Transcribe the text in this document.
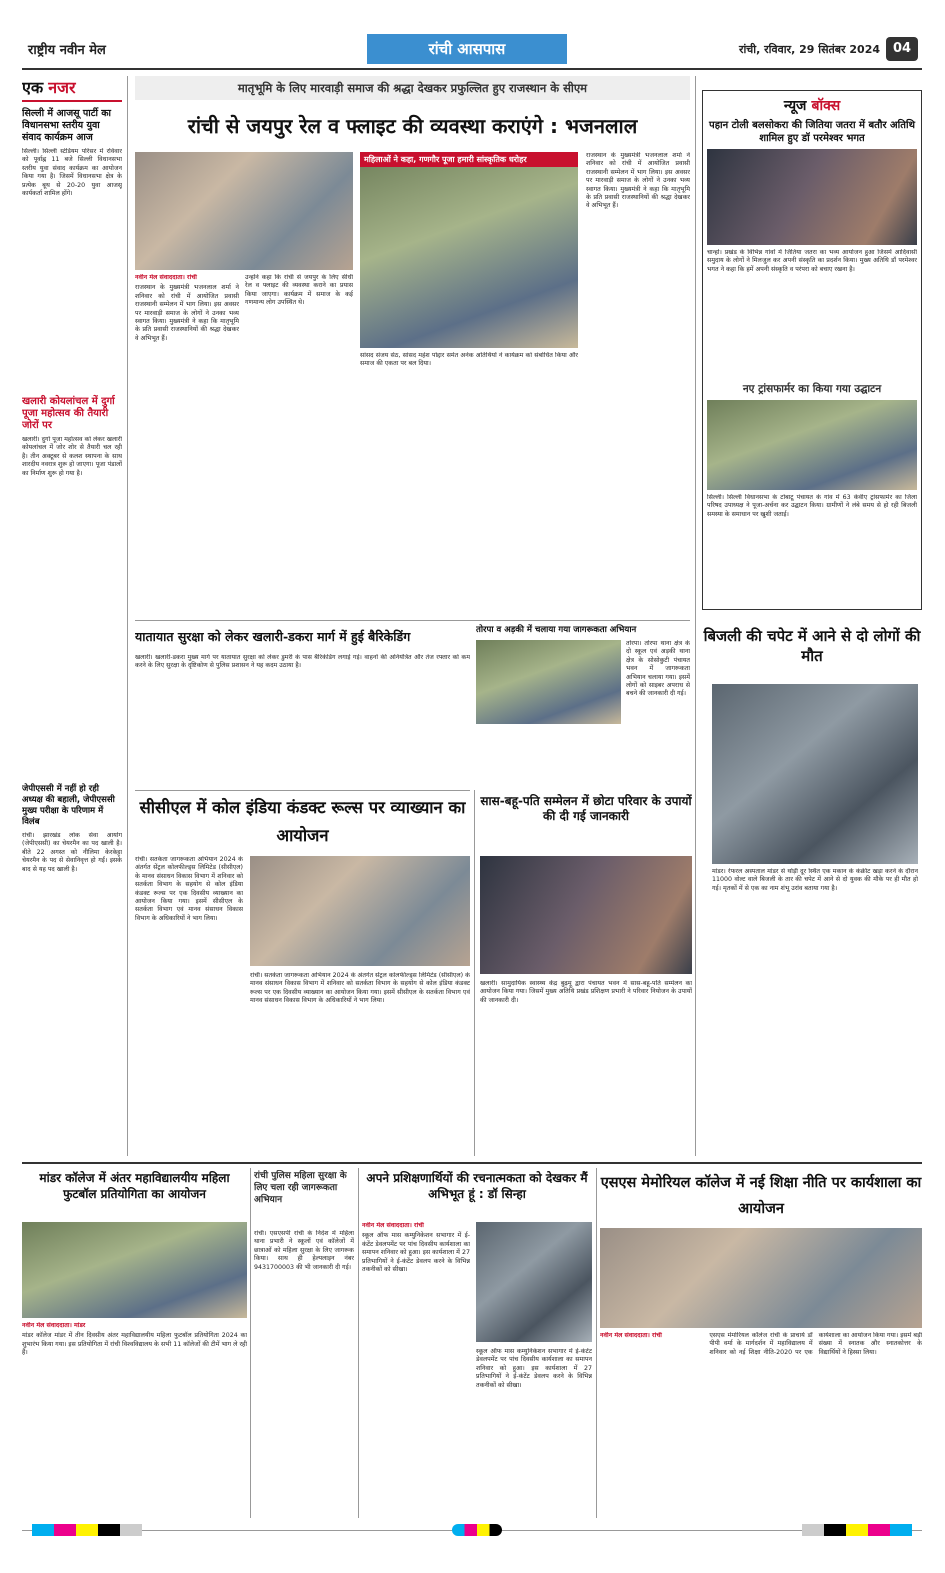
राष्ट्रीय नवीन मेल	रांची आसपास	रांची, रविवार, 29 सितंबर 2024 04
एक नजर
सिल्ली में आजसू पार्टी का विधानसभा स्तरीय युवा संवाद कार्यक्रम आज
सिल्ली। सिल्ली स्टेडियम परिसर में रविवार को पूर्वाह्न 11 बजे सिल्ली विधानसभा स्तरीय युवा संवाद कार्यक्रम का आयोजन किया गया है। जिसमें विधानसभा क्षेत्र के प्रत्येक बूथ से 20-20 युवा आजसू कार्यकर्ता शामिल होंगे।
खलारी कोयलांचल में दुर्गा पूजा महोत्सव की तैयारी जोरों पर
खलारी। दुर्गा पूजा महोत्सव को लेकर खलारी कोयलांचल में जोर शोर से तैयारी चल रही है। तीन अक्टूबर से कलश स्थापना के साथ शारदीय नवरात्र शुरू हो जाएगा। पूजा पंडालों का निर्माण शुरू हो गया है।
जेपीएससी में नहीं हो रही अध्यक्ष की बहाली, जेपीएससी मुख्य परीक्षा के परिणाम में विलंब
रांची। झारखंड लोक सेवा आयोग (जेपीएससी) का चेयरमैन का पद खाली है। बीते 22 अगस्त को नीलिमा केरकेट्टा चेयरमैन के पद से सेवानिवृत्त हो गईं। इसके बाद से यह पद खाली है।
मातृभूमि के लिए मारवाड़ी समाज की श्रद्धा देखकर प्रफुल्लित हुए राजस्थान के सीएम
रांची से जयपुर रेल व फ्लाइट की व्यवस्था कराएंगे : भजनलाल
महिलाओं ने कहा, गणगौर पूजा हमारी सांस्कृतिक धरोहर

नवीन मेल संवाददाता। रांची

राजस्थान के मुख्यमंत्री भजनलाल शर्मा ने शनिवार को रांची में आयोजित प्रवासी राजस्थानी सम्मेलन में भाग लिया। इस अवसर पर मारवाड़ी समाज के लोगों ने उनका भव्य स्वागत किया। मुख्यमंत्री ने कहा कि मातृभूमि के प्रति प्रवासी राजस्थानियों की श्रद्धा देखकर वे अभिभूत हैं।

उन्होंने कहा कि रांची से जयपुर के लिए सीधी रेल व फ्लाइट की व्यवस्था कराने का प्रयास किया जाएगा। कार्यक्रम में समाज के कई गणमान्य लोग उपस्थित थे।

सांसद संजय सेठ, सांसद महेश पोद्दार समेत अनेक अतिथियों ने कार्यक्रम को संबोधित किया और समाज की एकता पर बल दिया।

राजस्थान के मुख्यमंत्री भजनलाल शर्मा ने शनिवार को रांची में आयोजित प्रवासी राजस्थानी सम्मेलन में भाग लिया। इस अवसर पर मारवाड़ी समाज के लोगों ने उनका भव्य स्वागत किया। मुख्यमंत्री ने कहा कि मातृभूमि के प्रति प्रवासी राजस्थानियों की श्रद्धा देखकर वे अभिभूत हैं।

न्यूज बॉक्स
पहान टोली बलसोकरा की जितिया जतरा में बतौर अतिथि शामिल हुए डॉ परमेश्वर भगत
चान्हो। प्रखंड के विभिन्न गांवों में जितिया जतरा का भव्य आयोजन हुआ जिसमें आदिवासी समुदाय के लोगों ने मिलजुल कर अपनी संस्कृति का प्रदर्शन किया। मुख्य अतिथि डॉ परमेश्वर भगत ने कहा कि हमें अपनी संस्कृति व परंपरा को बचाए रखना है।
नए ट्रांसफार्मर का किया गया उद्घाटन
सिल्ली। सिल्ली विधानसभा के टोबाटू पंचायत के गांव में 63 केवीए ट्रांसफार्मर का जिला परिषद उपाध्यक्ष ने पूजा-अर्चना कर उद्घाटन किया। ग्रामीणों ने लंबे समय से हो रही बिजली समस्या के समाधान पर खुशी जताई।
यातायात सुरक्षा को लेकर खलारी-डकरा मार्ग में हुई बैरिकेडिंग
खलारी। खलारी-डकरा मुख्य मार्ग पर यातायात सुरक्षा को लेकर डुमरी के पास बैरिकेडिंग लगाई गई। वाहनों की अनियंत्रित और तेज रफ्तार को कम करने के लिए सुरक्षा के दृष्टिकोण से पुलिस प्रशासन ने यह कदम उठाया है।
तोरपा व अड़की में चलाया गया जागरूकता अभियान
तोरपा। तोरपा थाना क्षेत्र के दो स्कूल एवं अड़की थाना क्षेत्र के सोसोकुटी पंचायत भवन में जागरूकता अभियान चलाया गया। इसमें लोगों को साइबर अपराध से बचने की जानकारी दी गई।
बिजली की चपेट में आने से दो लोगों की मौत
मांडर। रेफरल अस्पताल मांडर से थोड़ी दूर स्थित एक मकान के कंक्रीट खड़ा करने के दौरान 11000 वोल्ट वाले बिजली के तार की चपेट में आने से दो युवक की मौके पर ही मौत हो गई। मृतकों में से एक का नाम शंभू उरांव बताया गया है।
सीसीएल में कोल इंडिया कंडक्ट रूल्स पर व्याख्यान का आयोजन
रांची। सतर्कता जागरूकता अभियान 2024 के अंतर्गत सेंट्रल कोलफील्ड्स लिमिटेड (सीसीएल) के मानव संसाधन विकास विभाग में शनिवार को सतर्कता विभाग के सहयोग से कोल इंडिया कंडक्ट रूल्स पर एक दिवसीय व्याख्यान का आयोजन किया गया। इसमें सीसीएल के सतर्कता विभाग एवं मानव संसाधन विकास विभाग के अधिकारियों ने भाग लिया।
रांची। सतर्कता जागरूकता अभियान 2024 के अंतर्गत सेंट्रल कोलफील्ड्स लिमिटेड (सीसीएल) के मानव संसाधन विकास विभाग में शनिवार को सतर्कता विभाग के सहयोग से कोल इंडिया कंडक्ट रूल्स पर एक दिवसीय व्याख्यान का आयोजन किया गया। इसमें सीसीएल के सतर्कता विभाग एवं मानव संसाधन विकास विभाग के अधिकारियों ने भाग लिया।
सास-बहू-पति सम्मेलन में छोटा परिवार के उपायों की दी गई जानकारी
खलारी। सामुदायिक स्वास्थ्य केंद्र बुढ़मू द्वारा पंचायत भवन में सास-बहू-पति सम्मेलन का आयोजन किया गया। जिसमें मुख्य अतिथि प्रखंड प्रशिक्षण प्रभारी ने परिवार नियोजन के उपायों की जानकारी दी।
मांडर कॉलेज में अंतर महाविद्यालयीय महिला फुटबॉल प्रतियोगिता का आयोजन

नवीन मेल संवाददाता। मांडर

मांडर कॉलेज मांडर में तीन दिवसीय अंतर महाविद्यालयीय महिला फुटबॉल प्रतियोगिता 2024 का शुभारंभ किया गया। इस प्रतियोगिता में रांची विश्वविद्यालय के सभी 11 कॉलेजों की टीमें भाग ले रही हैं।

रांची पुलिस महिला सुरक्षा के लिए चला रही जागरूकता अभियान
रांची। एसएसपी रांची के निर्देश में महिला थाना प्रभारी ने स्कूलों एवं कॉलेजों में छात्राओं को महिला सुरक्षा के लिए जागरूक किया। साथ ही हेल्पलाइन नंबर 9431700003 की भी जानकारी दी गई।
अपने प्रशिक्षणार्थियों की रचनात्मकता को देखकर मैं अभिभूत हूं : डॉ सिन्हा

नवीन मेल संवाददाता। रांची

स्कूल ऑफ मास कम्युनिकेशन सभागार में ई-कंटेंट डेवलपमेंट पर पांच दिवसीय कार्यशाला का समापन शनिवार को हुआ। इस कार्यशाला में 27 प्रतिभागियों ने ई-कंटेंट डेवलप करने के विभिन्न तकनीकों को सीखा।

स्कूल ऑफ मास कम्युनिकेशन सभागार में ई-कंटेंट डेवलपमेंट पर पांच दिवसीय कार्यशाला का समापन शनिवार को हुआ। इस कार्यशाला में 27 प्रतिभागियों ने ई-कंटेंट डेवलप करने के विभिन्न तकनीकों को सीखा।
एसएस मेमोरियल कॉलेज में नई शिक्षा नीति पर कार्यशाला का आयोजन

नवीन मेल संवाददाता। रांची	एसएस मेमोरियल कॉलेज रांची के प्राचार्य डॉ पीपी वर्मा के मार्गदर्शन में महाविद्यालय में शनिवार को नई शिक्षा नीति-2020 पर एक कार्यशाला का आयोजन किया गया। इसमें बड़ी संख्या में स्नातक और स्नातकोत्तर के विद्यार्थियों ने हिस्सा लिया।
